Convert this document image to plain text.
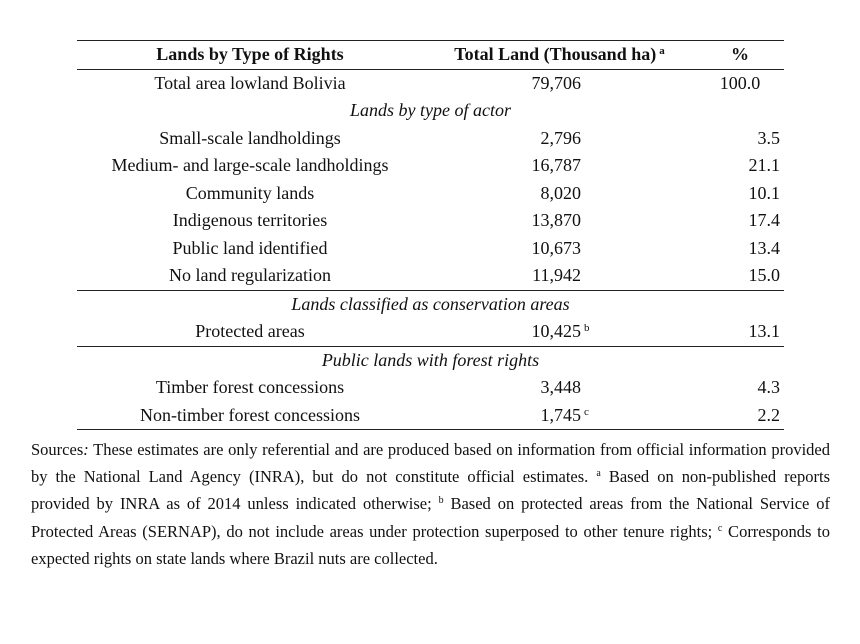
Lands by Type of Rights	Total Land (Thousand ha) $^a$	%
Total area lowland Bolivia	79,706	100.0
Lands by type of actor		
Small-scale landholdings	2,796	3.5
Medium- and large-scale landholdings	16,787	21.1
Community lands	8,020	10.1
Indigenous territories	13,870	17.4
Public land identified	10,673	13.4
No land regularization	11,942	15.0
Lands classified as conservation areas		
Protected areas	10,425 $^b$	13.1
Public lands with forest rights		
Timber forest concessions	3,448	4.3
Non-timber forest concessions	1,745 $^c$	2.2

Sources: These estimates are only referential and are produced based on information from official information provided by the National Land Agency (INRA), but do not constitute official estimates. $^a$ Based on non-published reports provided by INRA as of 2014 unless indicated otherwise; $^b$ Based on protected areas from the National Service of Protected Areas (SERNAP), do not include areas under protection superposed to other tenure rights; $^c$ Corresponds to expected rights on state lands where Brazil nuts are collected.
